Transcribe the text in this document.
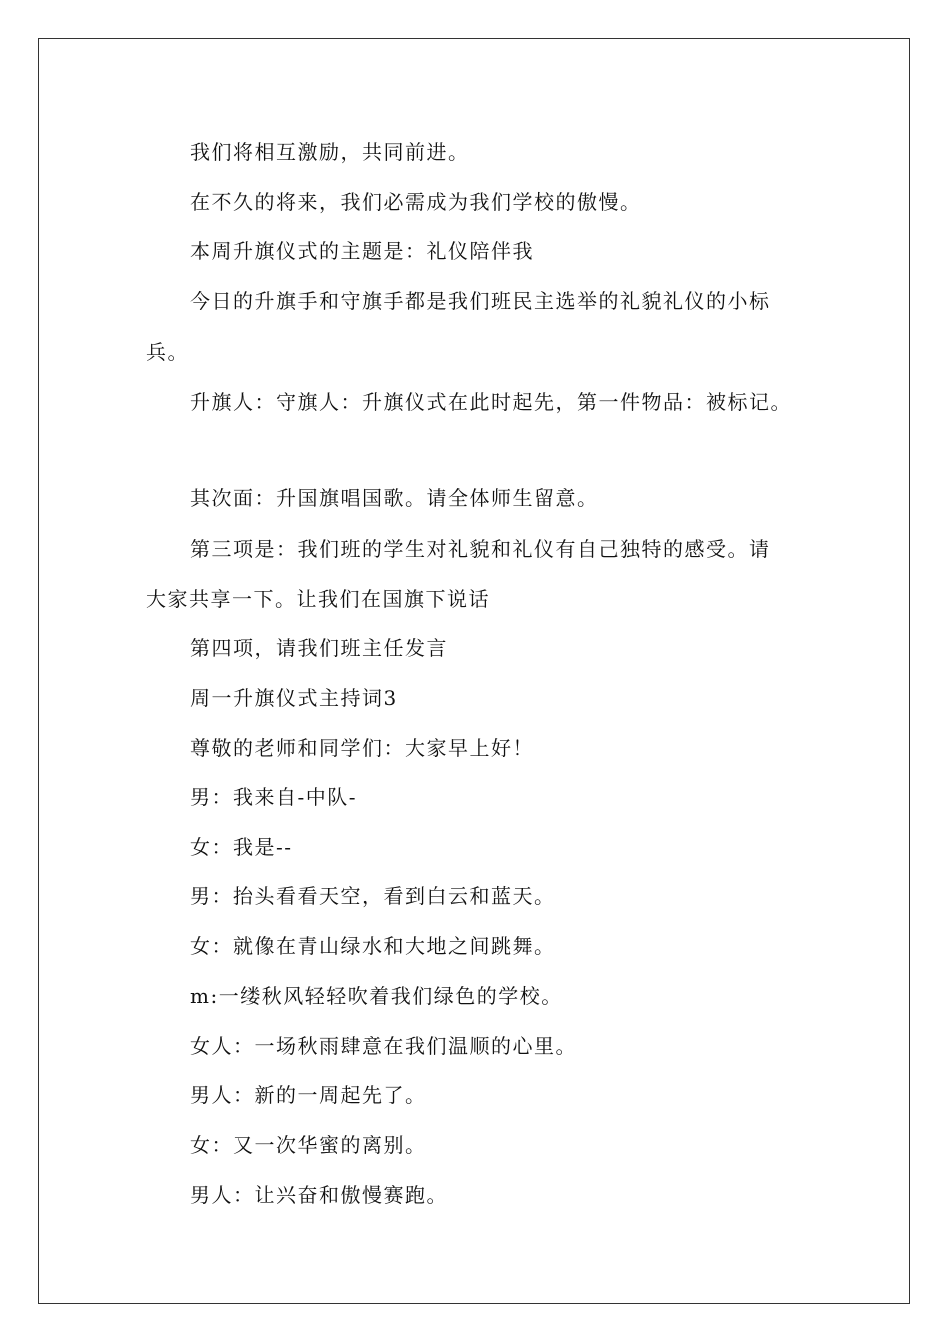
我们将相互激励，共同前进。
在不久的将来，我们必需成为我们学校的傲慢。
本周升旗仪式的主题是：礼仪陪伴我
今日的升旗手和守旗手都是我们班民主选举的礼貌礼仪的小标
兵。
升旗人：守旗人：升旗仪式在此时起先，第一件物品：被标记。
其次面：升国旗唱国歌。请全体师生留意。
第三项是：我们班的学生对礼貌和礼仪有自己独特的感受。请
大家共享一下。让我们在国旗下说话
第四项，请我们班主任发言
周一升旗仪式主持词3
尊敬的老师和同学们：大家早上好！
男：我来自-中队-
女：我是--
男：抬头看看天空，看到白云和蓝天。
女：就像在青山绿水和大地之间跳舞。
m:一缕秋风轻轻吹着我们绿色的学校。
女人：一场秋雨肆意在我们温顺的心里。
男人：新的一周起先了。
女：又一次华蜜的离别。
男人：让兴奋和傲慢赛跑。
